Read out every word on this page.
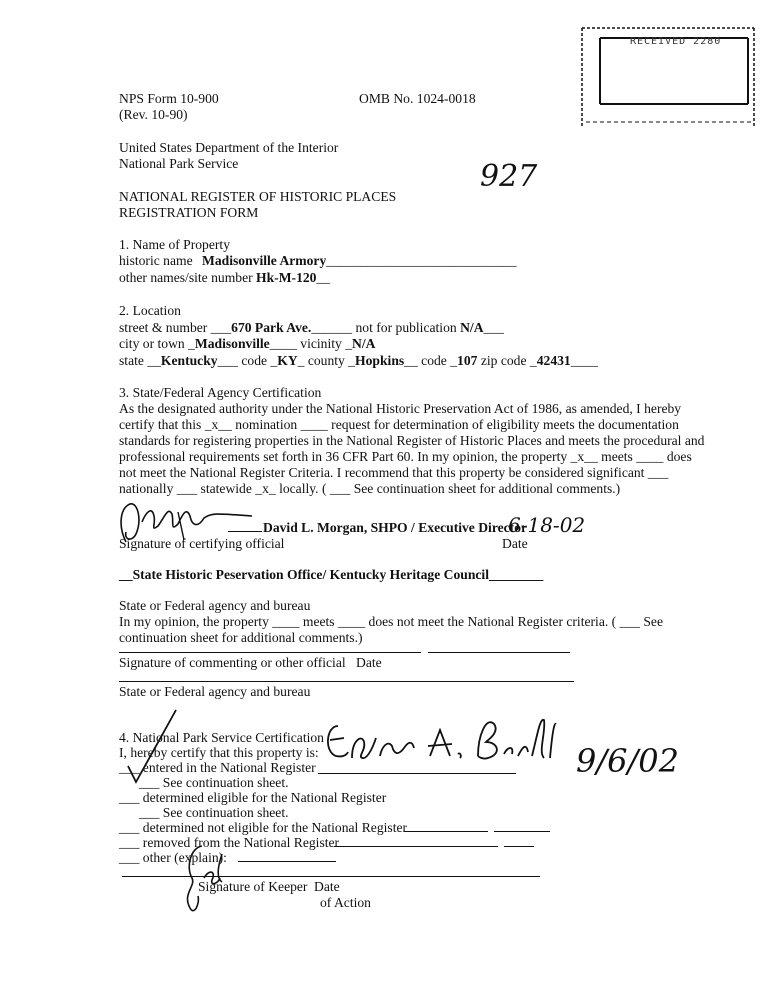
RECEIVED 2280
NPS Form 10-900
(Rev. 10-90)
OMB No. 1024-0018
United States Department of the Interior
National Park Service
NATIONAL REGISTER OF HISTORIC PLACES
REGISTRATION FORM
927
1. Name of Property
historic name Madisonville Armory____________________________
other names/site number Hk-M-120__
2. Location
street & number ___670 Park Ave.______ not for publication N/A___
city or town _Madisonville____ vicinity _N/A
state __Kentucky___ code _KY_ county _Hopkins__ code _107 zip code _42431____
3. State/Federal Agency Certification
As the designated authority under the National Historic Preservation Act of 1986, as amended, I hereby
certify that this _x__ nomination ____ request for determination of eligibility meets the documentation
standards for registering properties in the National Register of Historic Places and meets the procedural and
professional requirements set forth in 36 CFR Part 60. In my opinion, the property _x__ meets ____ does
not meet the National Register Criteria. I recommend that this property be considered significant ___
nationally ___ statewide _x_ locally. ( ___ See continuation sheet for additional comments.)
David L. Morgan, SHPO / Executive Director
6-18-02
Signature of certifying official	Date
__State Historic Peservation Office/ Kentucky Heritage Council________
State or Federal agency and bureau
In my opinion, the property ____ meets ____ does not meet the National Register criteria. ( ___ See
continuation sheet for additional comments.)
Signature of commenting or other official Date
State or Federal agency and bureau
4. National Park Service Certification
I, hereby certify that this property is:
___ entered in the National Register
___ See continuation sheet.
___ determined eligible for the National Register
___ See continuation sheet.
___ determined not eligible for the National Register
___ removed from the National Register
___ other (explain):
9/6/02
Signature of Keeper Date
of Action
